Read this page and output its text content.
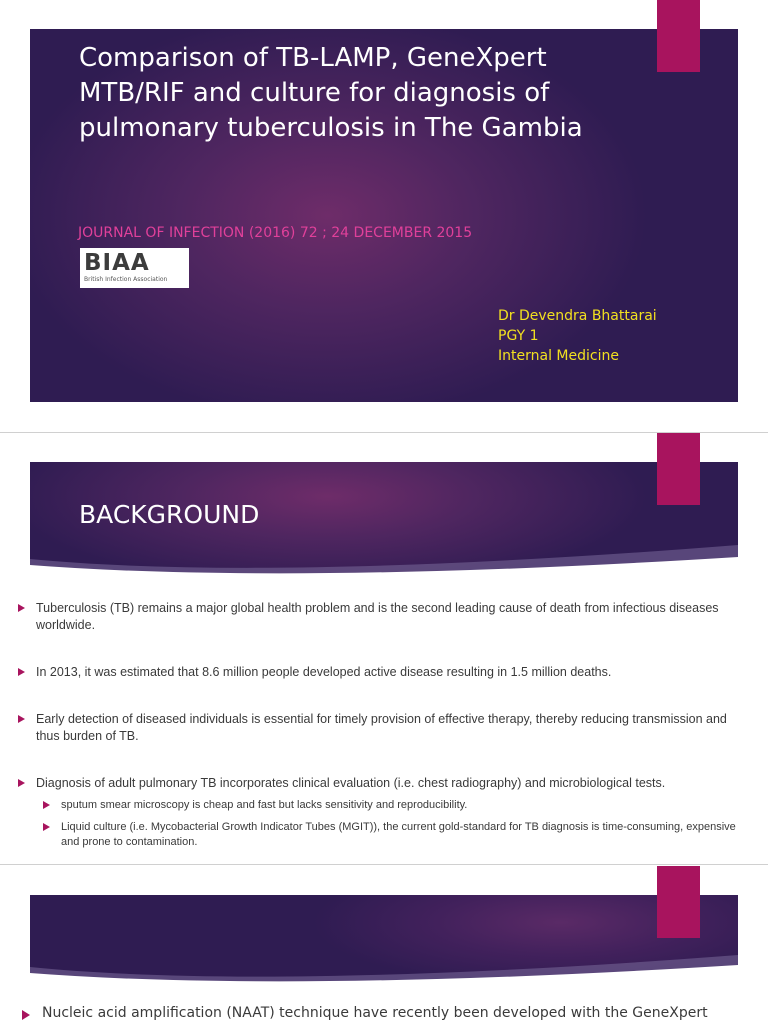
Comparison of TB-LAMP, GeneXpert MTB/RIF and culture for diagnosis of pulmonary tuberculosis in The Gambia
JOURNAL OF INFECTION (2016) 72 ; 24 DECEMBER 2015
BIAA
British Infection Association
Dr Devendra Bhattarai
PGY 1
Internal Medicine
BACKGROUND
Tuberculosis (TB) remains a major global health problem and is the second leading cause of death from infectious diseases worldwide.
In 2013, it was estimated that 8.6 million people developed active disease resulting in 1.5 million deaths.
Early detection of diseased individuals is essential for timely provision of effective therapy, thereby reducing transmission and thus burden of TB.
Diagnosis of adult pulmonary TB incorporates clinical evaluation (i.e. chest radiography) and microbiological tests.
sputum smear microscopy is cheap and fast but lacks sensitivity and reproducibility.
Liquid culture (i.e. Mycobacterial Growth Indicator Tubes (MGIT)), the current gold-standard for TB diagnosis is time-consuming, expensive and prone to contamination.
Nucleic acid amplification (NAAT) technique have recently been developed with the GeneXpert
